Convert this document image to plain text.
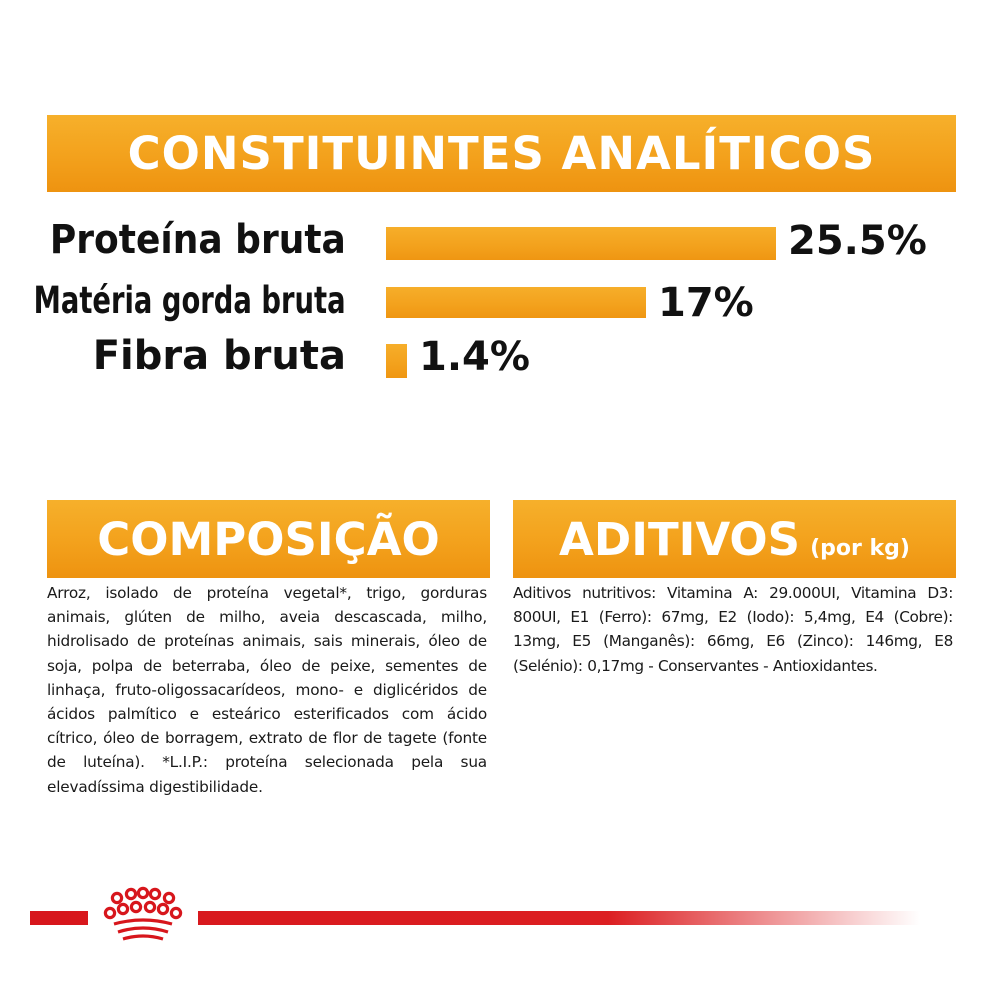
CONSTITUINTES ANALÍTICOS
Proteína bruta	25.5%
Matéria gorda bruta	17%
Fibra bruta 1.4%
COMPOSIÇÃO
Arroz, isolado de proteína vegetal*, trigo, gorduras animais, glúten de milho, aveia descascada, milho, hidrolisado de proteínas animais, sais minerais, óleo de soja, polpa de beterraba, óleo de peixe, sementes de linhaça, fruto-oligossacarídeos, mono- e diglicéridos de ácidos palmítico e esteárico esterificados com ácido cítrico, óleo de borragem, extrato de flor de tagete (fonte de luteína). *L.I.P.: proteína selecionada pela sua elevadíssima digestibilidade.
ADITIVOS (por kg)
Aditivos nutritivos: Vitamina A: 29.000UI, Vitamina D3: 800UI, E1 (Ferro): 67mg, E2 (Iodo): 5,4mg, E4 (Cobre): 13mg, E5 (Manganês): 66mg, E6 (Zinco): 146mg, E8 (Selénio): 0,17mg - Conservantes - Antioxidantes.
